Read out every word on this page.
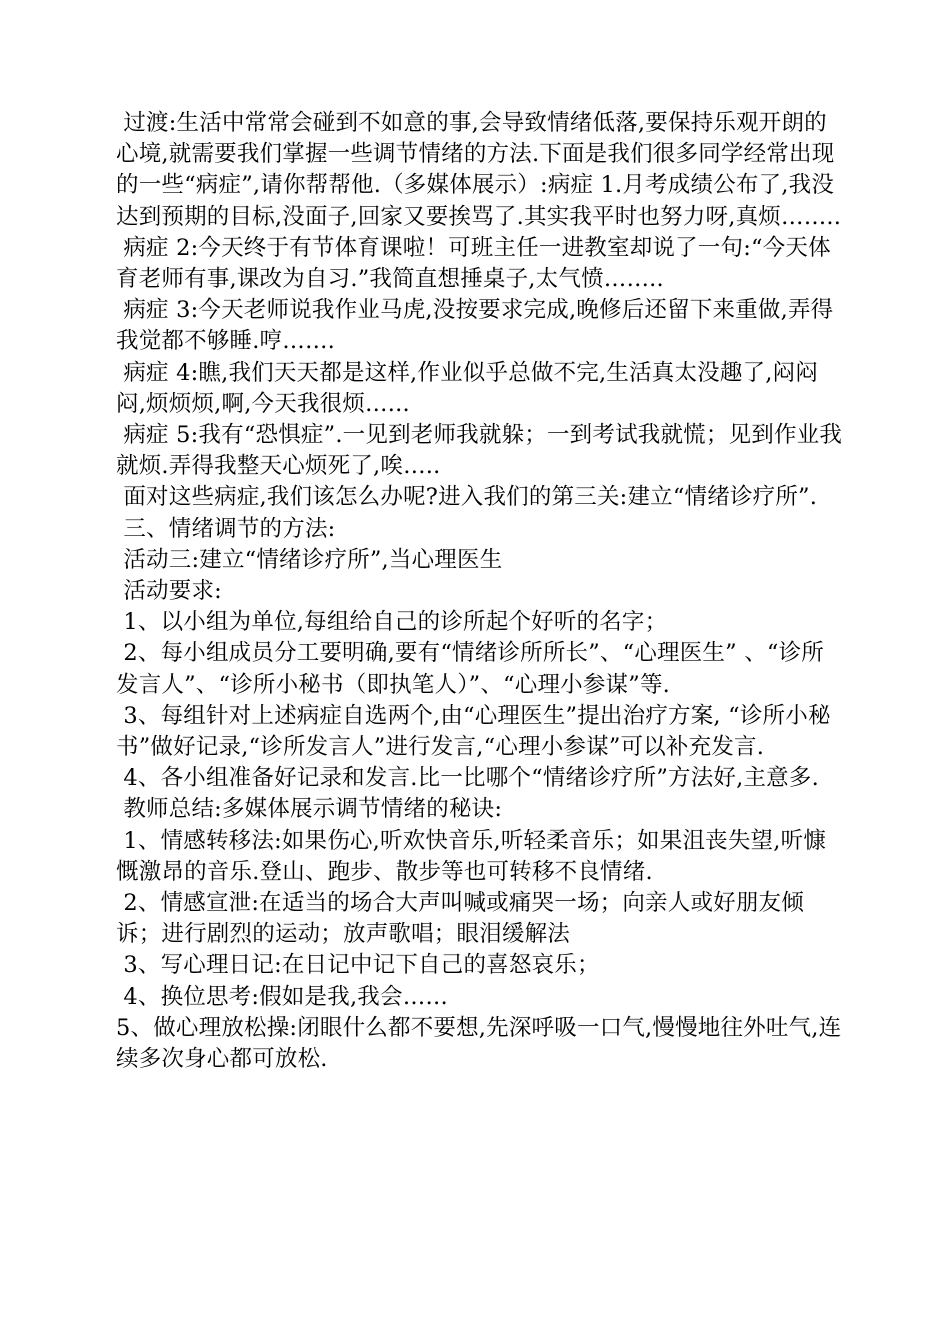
过渡:生活中常常会碰到不如意的事,会导致情绪低落,要保持乐观开朗的心境,就需要我们掌握一些调节情绪的方法.下面是我们很多同学经常出现的一些“病症”,请你帮帮他.（多媒体展示）:病症 1.月考成绩公布了,我没达到预期的目标,没面子,回家又要挨骂了.其实我平时也努力呀,真烦……..

病症 2:今天终于有节体育课啦！可班主任一进教室却说了一句:“今天体育老师有事,课改为自习.”我简直想捶桌子,太气愤……..

病症 3:今天老师说我作业马虎,没按要求完成,晚修后还留下来重做,弄得我觉都不够睡.哼…….

病症 4:瞧,我们天天都是这样,作业似乎总做不完,生活真太没趣了,闷闷闷,烦烦烦,啊,今天我很烦…...

病症 5:我有“恐惧症”.一见到老师我就躲；一到考试我就慌；见到作业我就烦.弄得我整天心烦死了,唉…..

面对这些病症,我们该怎么办呢?进入我们的第三关:建立“情绪诊疗所”.

三、情绪调节的方法:

活动三:建立“情绪诊疗所”,当心理医生

活动要求:

1、以小组为单位,每组给自己的诊所起个好听的名字；

2、每小组成员分工要明确,要有“情绪诊所所长”、“心理医生” 、“诊所发言人”、“诊所小秘书（即执笔人）”、“心理小参谋”等.

3、每组针对上述病症自选两个,由“心理医生”提出治疗方案, “诊所小秘书”做好记录,“诊所发言人”进行发言,“心理小参谋”可以补充发言.

4、各小组准备好记录和发言.比一比哪个“情绪诊疗所”方法好,主意多.

教师总结:多媒体展示调节情绪的秘诀:

1、情感转移法:如果伤心,听欢快音乐,听轻柔音乐；如果沮丧失望,听慷慨激昂的音乐.登山、跑步、散步等也可转移不良情绪.

2、情感宣泄:在适当的场合大声叫喊或痛哭一场；向亲人或好朋友倾诉；进行剧烈的运动；放声歌唱；眼泪缓解法

3、写心理日记:在日记中记下自己的喜怒哀乐；

4、换位思考:假如是我,我会……

5、做心理放松操:闭眼什么都不要想,先深呼吸一口气,慢慢地往外吐气,连续多次身心都可放松.
